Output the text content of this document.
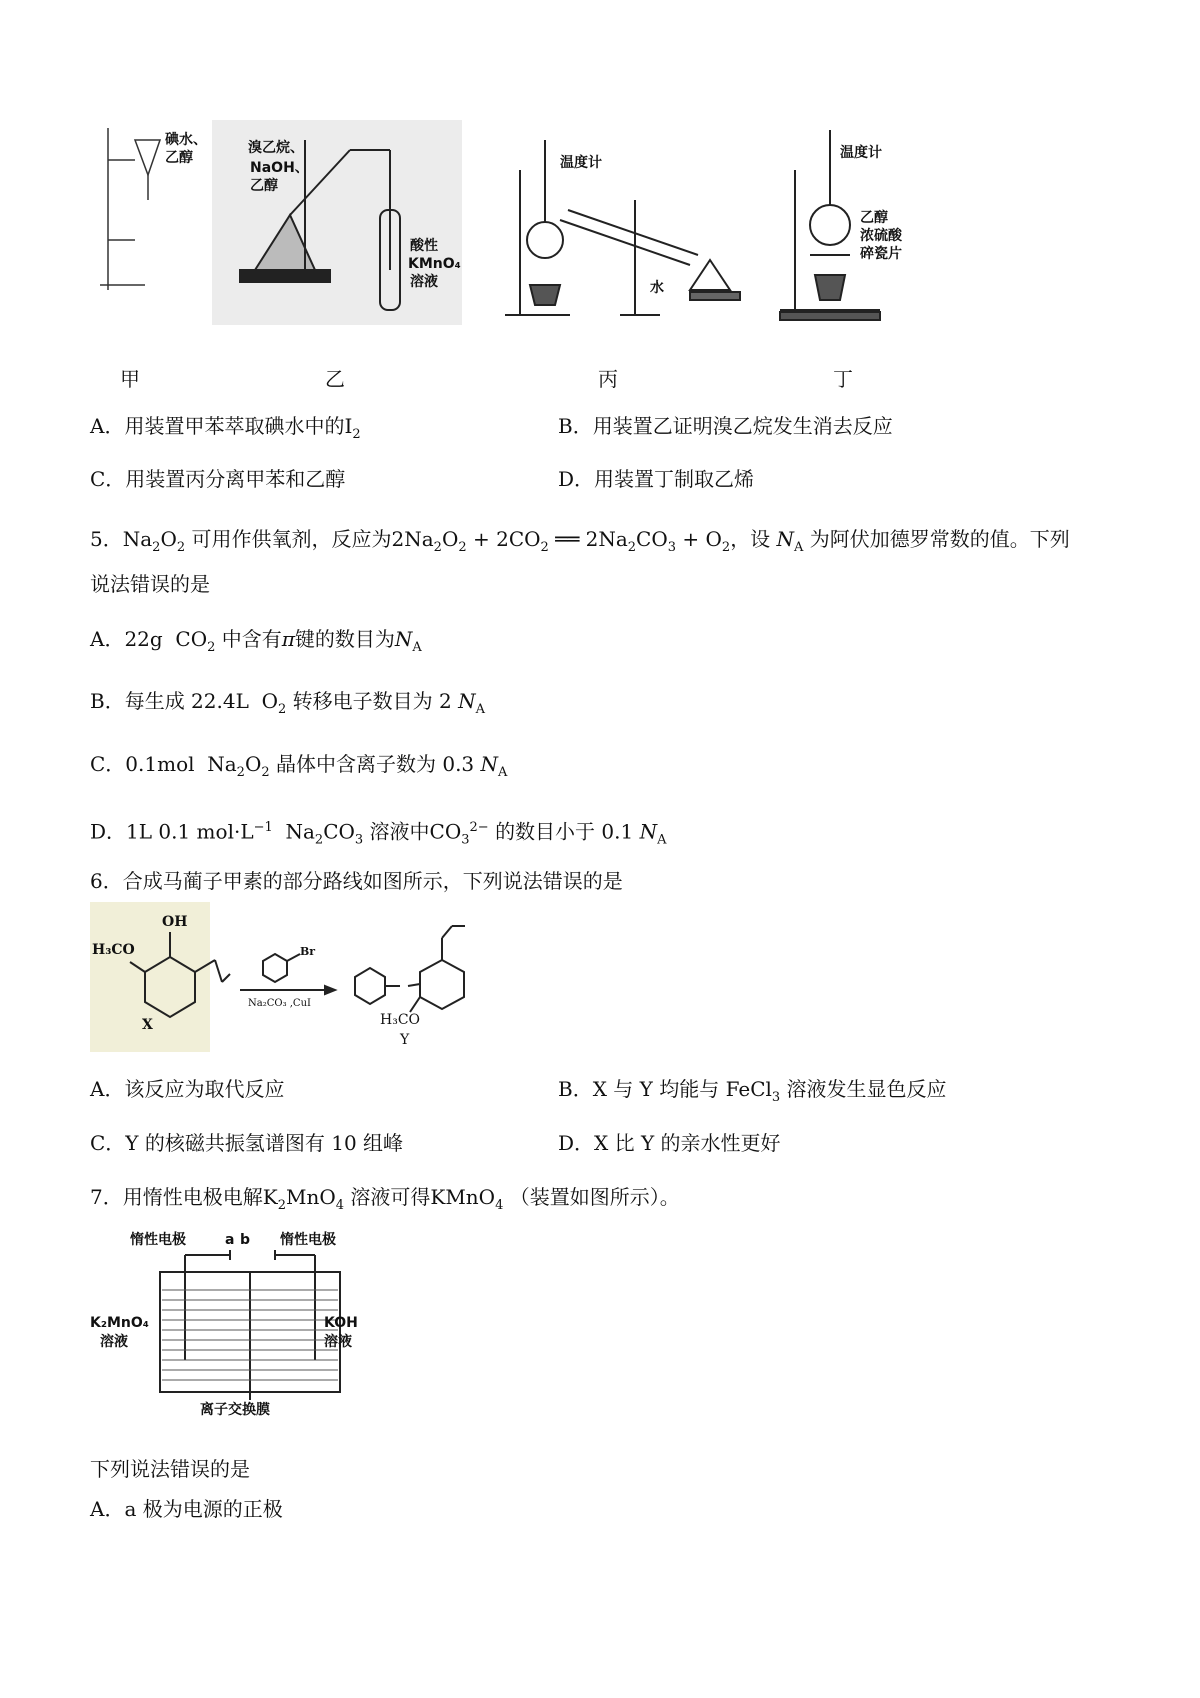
碘水、
乙醇
溴乙烷、
NaOH、
乙醇
酸性
KMnO₄
溶液
温度计
水
温度计
乙醇
浓硫酸
碎瓷片
甲	乙	丙	丁
A．用装置甲苯萃取碘水中的$I_2$	B．用装置乙证明溴乙烷发生消去反应
C．用装置丙分离甲苯和乙醇	D．用装置丁制取乙烯
5．$Na_2O_2$ 可用作供氧剂，反应为$2Na_2O_2 + 2CO_2$ ══ $2Na_2CO_3 + O_2$，设 $N_A$ 为阿伏加德罗常数的值。下列
说法错误的是
A．22g  $CO_2$ 中含有π键的数目为$N_A$
B．每生成 22.4L  $O_2$ 转移电子数目为 2 $N_A$
C．0.1mol  $Na_2O_2$ 晶体中含离子数为 0.3 $N_A$
D．1L 0.1 $mol\cdot L^{-1}$  $Na_2CO_3$ 溶液中$CO_3^{2-}$ 的数目小于 0.1 $N_A$
6．合成马蔺子甲素的部分路线如图所示，下列说法错误的是
OH
H₃CO
X
Br
Na₂CO₃ ,CuI
H₃CO
Y
A．该反应为取代反应	B．X 与 Y 均能与 FeCl$_3$ 溶液发生显色反应
C．Y 的核磁共振氢谱图有 10 组峰	D．X 比 Y 的亲水性更好
7．用惰性电极电解$K_2MnO_4$ 溶液可得KMnO$_4$ （装置如图所示）。
惰性电极	a b 惰性电极
K₂MnO₄
溶液
KOH
溶液
离子交换膜
下列说法错误的是
A．a 极为电源的正极
